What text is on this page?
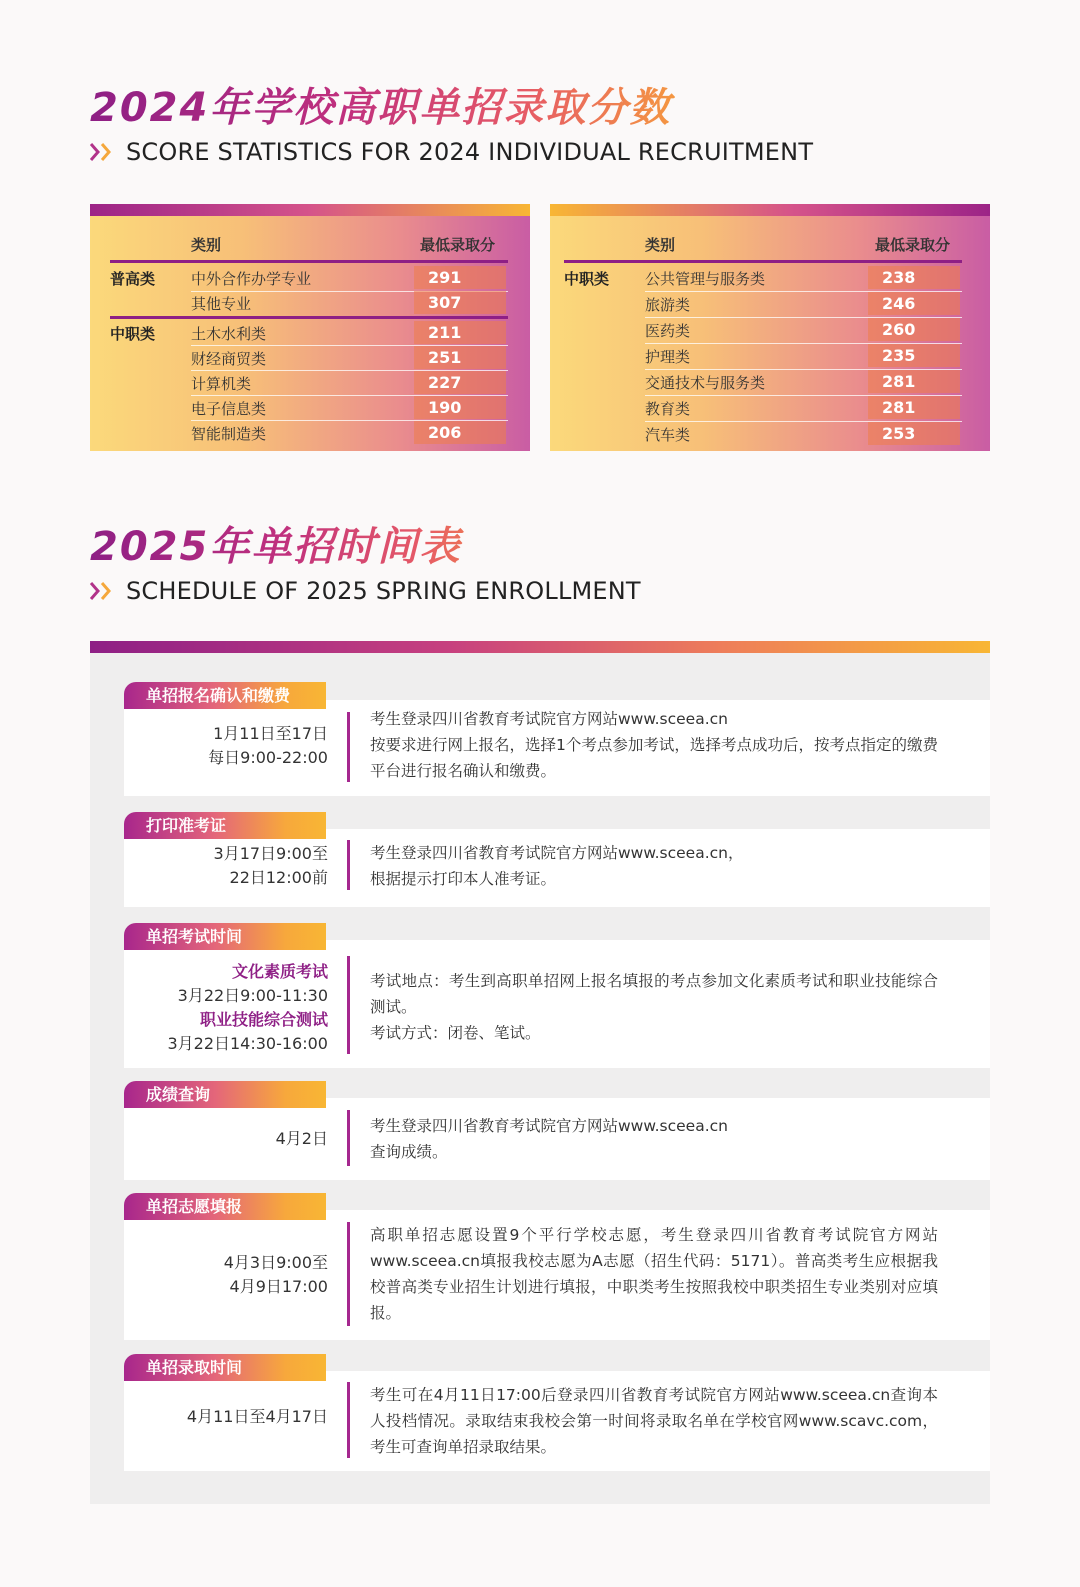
2024年学校高职单招录取分数
SCORE STATISTICS FOR 2024 INDIVIDUAL RECRUITMENT
类别	最低录取分
普高类 中外合作办学专业	291
其他专业	307
中职类 土木水利类	211
财经商贸类	251
计算机类	227
电子信息类	190
智能制造类	206
类别	最低录取分
中职类 公共管理与服务类	238
旅游类	246
医药类	260
护理类	235
交通技术与服务类	281
教育类	281
汽车类	253
2025年单招时间表
SCHEDULE OF 2025 SPRING ENROLLMENT
单招报名确认和缴费
1月11日至17日
每日9:00-22:00

考生登录四川省教育考试院官方网站www.sceea.cn

按要求进行网上报名，选择1个考点参加考试，选择考点成功后，按考点指定的缴费平台进行报名确认和缴费。

打印准考证
3月17日9:00至
22日12:00前

考生登录四川省教育考试院官方网站www.sceea.cn，

根据提示打印本人准考证。

单招考试时间
文化素质考试
3月22日9:00-11:30
职业技能综合测试
3月22日14:30-16:00

考试地点：考生到高职单招网上报名填报的考点参加文化素质考试和职业技能综合测试。

考试方式：闭卷、笔试。

成绩查询
4月2日

考生登录四川省教育考试院官方网站www.sceea.cn

查询成绩。

单招志愿填报
4月3日9:00至
4月9日17:00

高职单招志愿设置9个平行学校志愿，考生登录四川省教育考试院官方网站www.sceea.cn填报我校志愿为A志愿（招生代码：5171）。普高类考生应根据我校普高类专业招生计划进行填报，中职类考生按照我校中职类招生专业类别对应填报。

单招录取时间
4月11日至4月17日

考生可在4月11日17:00后登录四川省教育考试院官方网站www.sceea.cn查询本人投档情况。录取结束我校会第一时间将录取名单在学校官网www.scavc.com，考生可查询单招录取结果。
